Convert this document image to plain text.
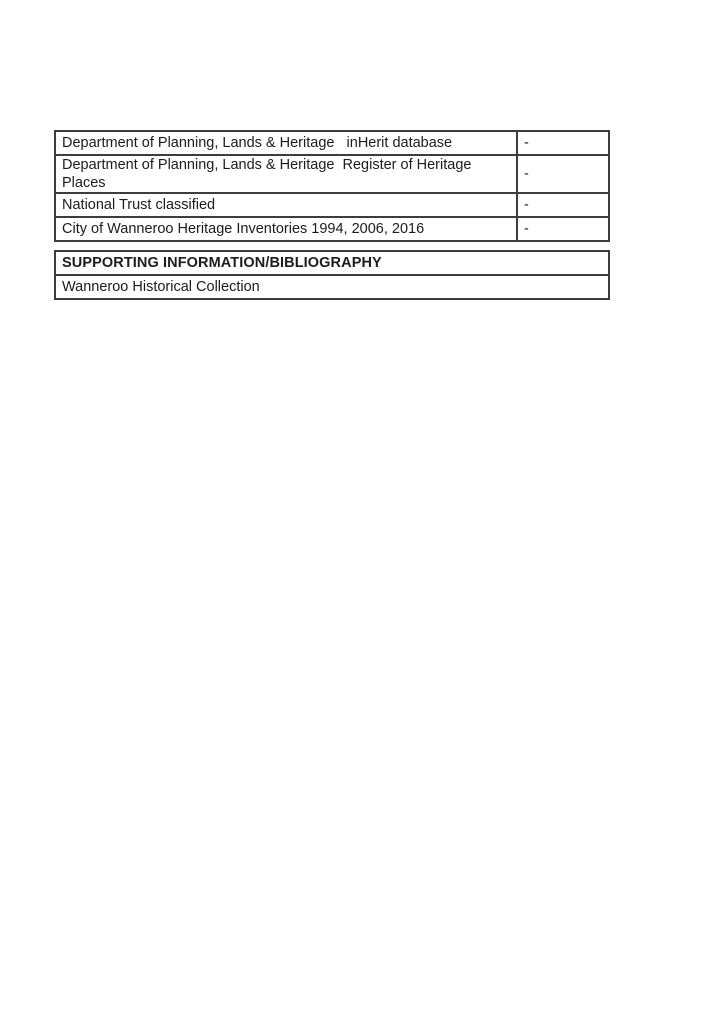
Department of Planning, Lands & Heritage   inHerit database	-
Department of Planning, Lands & Heritage  Register of Heritage Places	-
National Trust classified	-
City of Wanneroo Heritage Inventories 1994, 2006, 2016	-
SUPPORTING INFORMATION/BIBLIOGRAPHY
Wanneroo Historical Collection
